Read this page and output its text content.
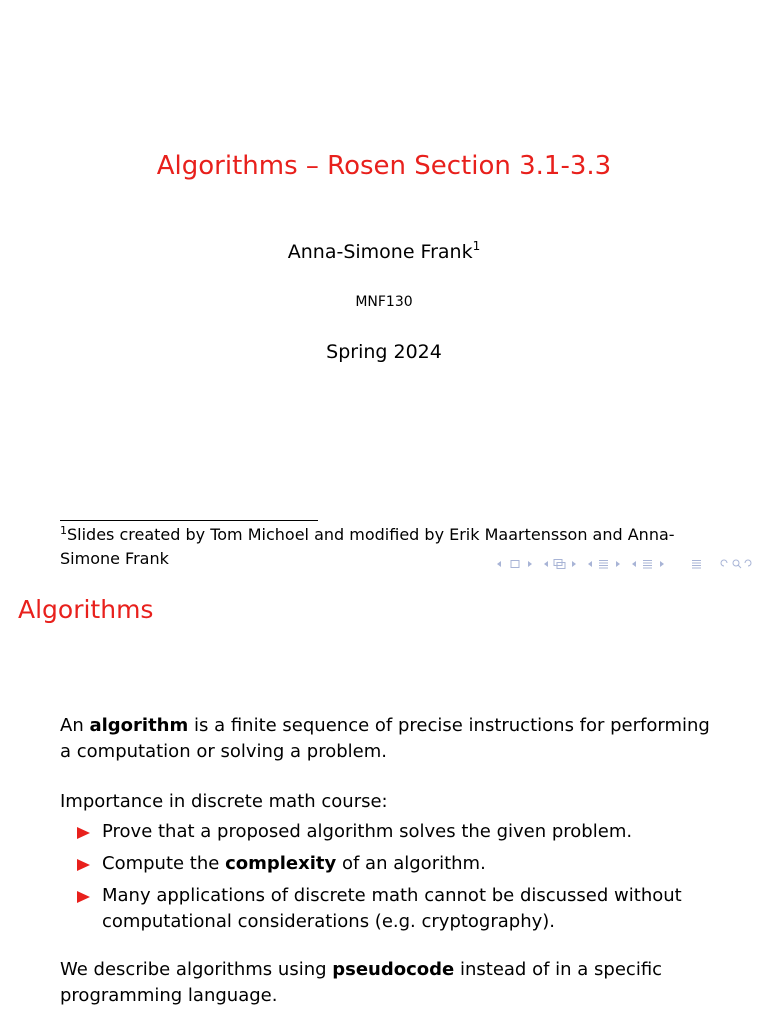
Algorithms – Rosen Section 3.1-3.3
Anna-Simone Frank$^1$
MNF130
Spring 2024
$^1$Slides created by Tom Michoel and modified by Erik Maartensson and Anna-Simone Frank
Algorithms

An algorithm is a finite sequence of precise instructions for performing a computation or solving a problem.

Importance in discrete math course:

Prove that a proposed algorithm solves the given problem.
Compute the complexity of an algorithm.
Many applications of discrete math cannot be discussed without computational considerations (e.g. cryptography).

We describe algorithms using pseudocode instead of in a specific programming language.
